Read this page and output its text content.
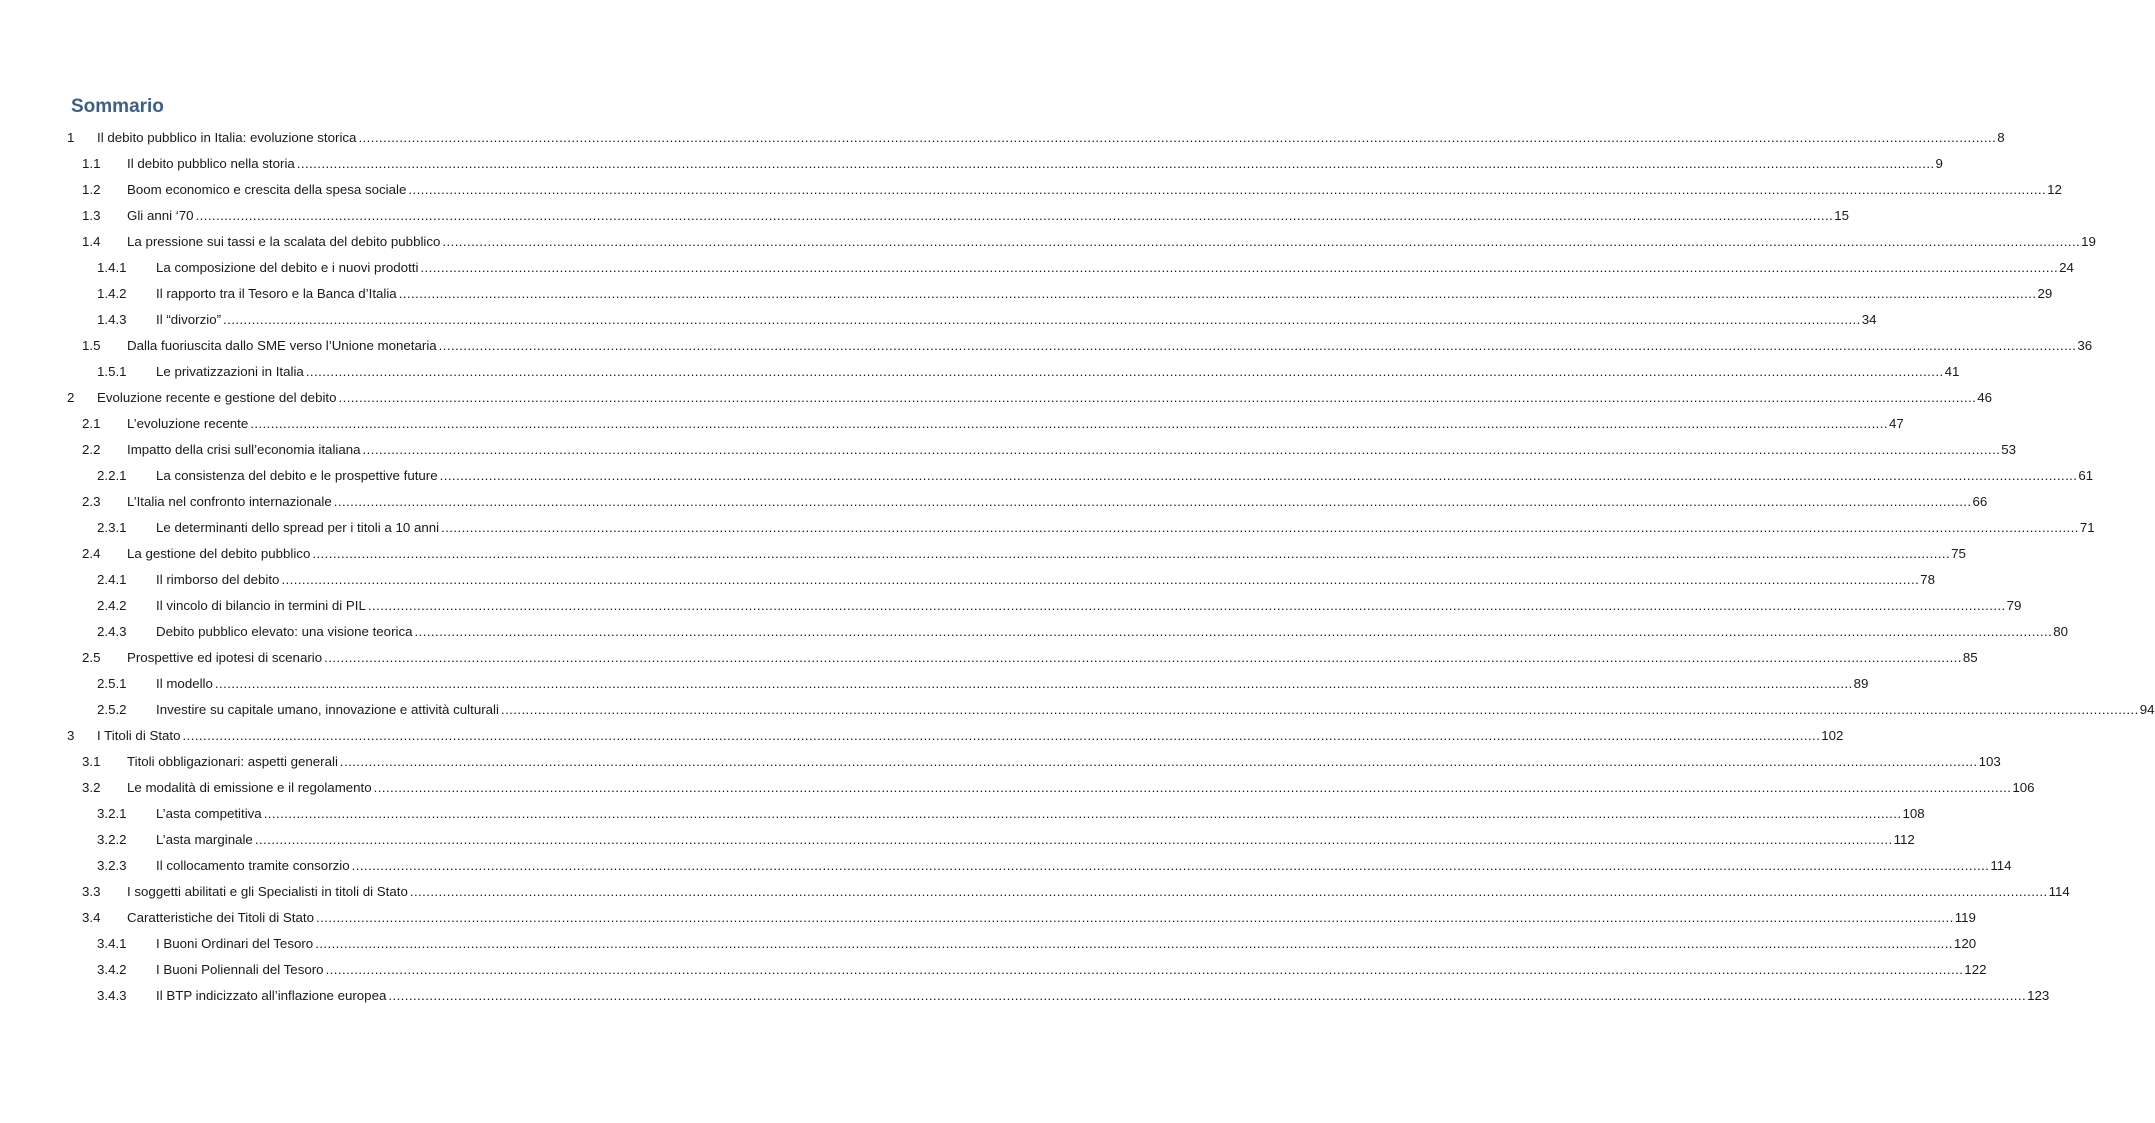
Sommario
1 Il debito pubblico in Italia: evoluzione storica ................................................................................................................................................................................................................................................................................................................................................................................................................ 8
1.1 Il debito pubblico nella storia ................................................................................................................................................................................................................................................................................................................................................................................................................ 9
1.2 Boom economico e crescita della spesa sociale ................................................................................................................................................................................................................................................................................................................................................................................................................ 12
1.3 Gli anni ‘70 ................................................................................................................................................................................................................................................................................................................................................................................................................ 15
1.4 La pressione sui tassi e la scalata del debito pubblico ................................................................................................................................................................................................................................................................................................................................................................................................................ 19
1.4.1 La composizione del debito e i nuovi prodotti ................................................................................................................................................................................................................................................................................................................................................................................................................ 24
1.4.2 Il rapporto tra il Tesoro e la Banca d’Italia ................................................................................................................................................................................................................................................................................................................................................................................................................ 29
1.4.3 Il “divorzio” ................................................................................................................................................................................................................................................................................................................................................................................................................ 34
1.5 Dalla fuoriuscita dallo SME verso l’Unione monetaria ................................................................................................................................................................................................................................................................................................................................................................................................................ 36
1.5.1 Le privatizzazioni in Italia ................................................................................................................................................................................................................................................................................................................................................................................................................ 41
2 Evoluzione recente e gestione del debito ................................................................................................................................................................................................................................................................................................................................................................................................................ 46
2.1 L’evoluzione recente ................................................................................................................................................................................................................................................................................................................................................................................................................ 47
2.2 Impatto della crisi sull’economia italiana ................................................................................................................................................................................................................................................................................................................................................................................................................ 53
2.2.1 La consistenza del debito e le prospettive future ................................................................................................................................................................................................................................................................................................................................................................................................................ 61
2.3 L’Italia nel confronto internazionale ................................................................................................................................................................................................................................................................................................................................................................................................................ 66
2.3.1 Le determinanti dello spread per i titoli a 10 anni ................................................................................................................................................................................................................................................................................................................................................................................................................ 71
2.4 La gestione del debito pubblico ................................................................................................................................................................................................................................................................................................................................................................................................................ 75
2.4.1 Il rimborso del debito ................................................................................................................................................................................................................................................................................................................................................................................................................ 78
2.4.2 Il vincolo di bilancio in termini di PIL ................................................................................................................................................................................................................................................................................................................................................................................................................ 79
2.4.3 Debito pubblico elevato: una visione teorica ................................................................................................................................................................................................................................................................................................................................................................................................................ 80
2.5 Prospettive ed ipotesi di scenario ................................................................................................................................................................................................................................................................................................................................................................................................................ 85
2.5.1 Il modello ................................................................................................................................................................................................................................................................................................................................................................................................................ 89
2.5.2 Investire su capitale umano, innovazione e attività culturali ................................................................................................................................................................................................................................................................................................................................................................................................................ 94
3 I Titoli di Stato ................................................................................................................................................................................................................................................................................................................................................................................................................ 102
3.1 Titoli obbligazionari: aspetti generali ................................................................................................................................................................................................................................................................................................................................................................................................................ 103
3.2 Le modalità di emissione e il regolamento ................................................................................................................................................................................................................................................................................................................................................................................................................ 106
3.2.1 L’asta competitiva ................................................................................................................................................................................................................................................................................................................................................................................................................ 108
3.2.2 L’asta marginale ................................................................................................................................................................................................................................................................................................................................................................................................................ 112
3.2.3 Il collocamento tramite consorzio ................................................................................................................................................................................................................................................................................................................................................................................................................ 114
3.3 I soggetti abilitati e gli Specialisti in titoli di Stato ................................................................................................................................................................................................................................................................................................................................................................................................................ 114
3.4 Caratteristiche dei Titoli di Stato ................................................................................................................................................................................................................................................................................................................................................................................................................ 119
3.4.1 I Buoni Ordinari del Tesoro ................................................................................................................................................................................................................................................................................................................................................................................................................ 120
3.4.2 I Buoni Poliennali del Tesoro ................................................................................................................................................................................................................................................................................................................................................................................................................ 122
3.4.3 Il BTP indicizzato all’inflazione europea ................................................................................................................................................................................................................................................................................................................................................................................................................ 123
